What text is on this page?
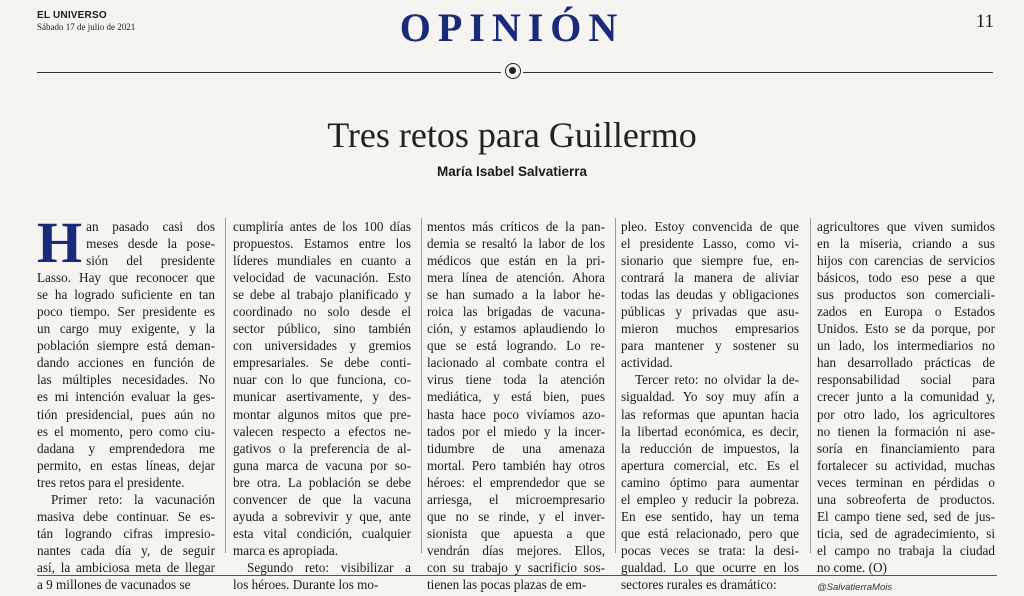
EL UNIVERSO
Sábado 17 de julio de 2021	OPINIÓN	11
Tres retos para Guillermo
María Isabel Salvatierra
H an pasado casi dos
meses desde la pose-
sión del presidente
Lasso. Hay que reconocer que
se ha logrado suficiente en tan
poco tiempo. Ser presidente es
un cargo muy exigente, y la
población siempre está deman-
dando acciones en función de
las múltiples necesidades. No
es mi intención evaluar la ges-
tión presidencial, pues aún no
es el momento, pero como ciu-
dadana y emprendedora me
permito, en estas líneas, dejar
tres retos para el presidente.
Primer reto: la vacunación
masiva debe continuar. Se es-
tán logrando cifras impresio-
nantes cada día y, de seguir
así, la ambiciosa meta de llegar
a 9 millones de vacunados se
cumpliría antes de los 100 días
propuestos. Estamos entre los
líderes mundiales en cuanto a
velocidad de vacunación. Esto
se debe al trabajo planificado y
coordinado no solo desde el
sector público, sino también
con universidades y gremios
empresariales. Se debe conti-
nuar con lo que funciona, co-
municar asertivamente, y des-
montar algunos mitos que pre-
valecen respecto a efectos ne-
gativos o la preferencia de al-
guna marca de vacuna por so-
bre otra. La población se debe
convencer de que la vacuna
ayuda a sobrevivir y que, ante
esta vital condición, cualquier
marca es apropiada.
Segundo reto: visibilizar a
los héroes. Durante los mo-
mentos más críticos de la pan-
demia se resaltó la labor de los
médicos que están en la pri-
mera línea de atención. Ahora
se han sumado a la labor he-
roica las brigadas de vacuna-
ción, y estamos aplaudiendo lo
que se está logrando. Lo re-
lacionado al combate contra el
virus tiene toda la atención
mediática, y está bien, pues
hasta hace poco vivíamos azo-
tados por el miedo y la incer-
tidumbre de una amenaza
mortal. Pero también hay otros
héroes: el emprendedor que se
arriesga, el microempresario
que no se rinde, y el inver-
sionista que apuesta a que
vendrán días mejores. Ellos,
con su trabajo y sacrificio sos-
tienen las pocas plazas de em-
pleo. Estoy convencida de que
el presidente Lasso, como vi-
sionario que siempre fue, en-
contrará la manera de aliviar
todas las deudas y obligaciones
públicas y privadas que asu-
mieron muchos empresarios
para mantener y sostener su
actividad.
Tercer reto: no olvidar la de-
sigualdad. Yo soy muy afín a
las reformas que apuntan hacia
la libertad económica, es decir,
la reducción de impuestos, la
apertura comercial, etc. Es el
camino óptimo para aumentar
el empleo y reducir la pobreza.
En ese sentido, hay un tema
que está relacionado, pero que
pocas veces se trata: la desi-
gualdad. Lo que ocurre en los
sectores rurales es dramático:
agricultores que viven sumidos
en la miseria, criando a sus
hijos con carencias de servicios
básicos, todo eso pese a que
sus productos son comerciali-
zados en Europa o Estados
Unidos. Esto se da porque, por
un lado, los intermediarios no
han desarrollado prácticas de
responsabilidad social para
crecer junto a la comunidad y,
por otro lado, los agricultores
no tienen la formación ni ase-
soría en financiamiento para
fortalecer su actividad, muchas
veces terminan en pérdidas o
una sobreoferta de productos.
El campo tiene sed, sed de jus-
ticia, sed de agradecimiento, si
el campo no trabaja la ciudad
no come. (O)
@SalvatierraMois
